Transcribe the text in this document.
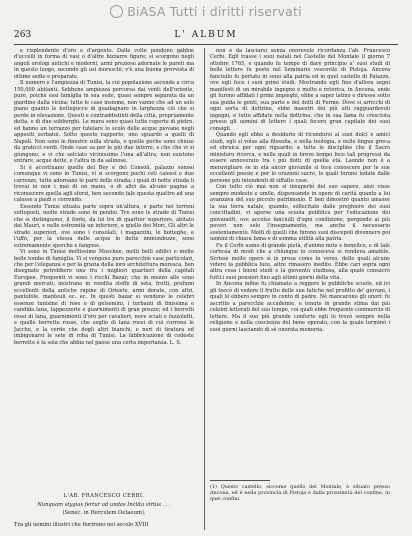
BiASA Tutti i diritti riservati
263	L' ALBUM

e risplendente d'oro e d'argento. Dalle volte pendono gabbie d'uccelli in forma di vasi o d'altre bizzarre figure; si scorgono negli angoli orologi antichi e moderni, armi preziose adornate le pareti ma in questo luogo, secondo gli usi moreschi, v'è una buona provvista di ottime sedie e preparate.

Il numero e l'ampiezza di Tunisi, la cui popolazione ascende a circa 150,000 abitanti. Sebbene ampiezza percorsa dai venti dell'oriente, pure, poichè essi famiglia in sua sede, quasi sempre separata da un giardino dalla vicina; tutte le case insieme, non vanno che ad un solo piano quanto le bottegucce di guadagnare in larghezza ciò che si perde in elevazione. Questi e contraddistinti della città, propriamente detta, e di due sobborghi. Le mura sono quasi tutte coperte di pietre, ed hanno un terrazzo per tutelare lo scolo delle acque piovane negli appositi serbatoi. Sotto questo rapporto, uno sguardo a quelli di Napoli. Non sono le finestre sulla strada, o quelle poche sono chiuse da graticci verdi. Onde case sa per le più due interni, e che che vi si giungono, e vi che selciato vicinissimo l'una all'altra, non esistono entrare, acque dette, e l'altra in da salinose.

Si è accettuano quello del Bey e dei Consoli, palazzo sonosi comunque vi sono in Tunisi, vi si scorgono pochi ceti calessi e due carrozze, tutte adornano le parti delle strada; i quali di notte strada li trovai in non i mai di un mano, o di altri da alcune pagine a riconoscere quella agli sforzi, ben secondo tale questa quattro ad una calesse a piedi e correndo.

Essendo Tunisi situata parte sopra un'altura, e parte nei terreni sottoposti, molte strade sono in pendio. Tre sono le strade di Tunisi che si distinguono, il fonte, da lui tre di quartier superiore, abitato dai Mauri, e nelle estremità un inferiore, e quello dei Mori. Gli altri le strade superiori, ove sono i consolati, i magazzini, le botteghe, e l'uffo, per la stessa delle acque in dette immondezze, sono estremamente sporche e fangose.

Vi sono in Tunisi moltissime Moschee, molti belli edifici e molte belle tombe di famiglia. Vi si vengono pure parecchie case particolari, che per l'eleganza e per la grazia della loro architettura moresca, ben disegnate potrebbero uno fra i migliori quartieri della capitali Europee. Frequenti vi sono i ricchi Bazar; che in mezzo alle sono grandi mercati, mostrano in vendita stoffe di seta, frutti, profumi eccellenti della antiche rapine di Oriente, armi dorate, con altri, pantofole, manteuli ec. ec. In questi bazar si vendono le celebri essenze tunisine di rose o di gelsomini, i turbanti di finissima e candida lana, tappezzerie e guarnimenti di gran prezzo; ed i berretti rossi di lana, guarnimenti d'oro per cavalieri, nove sciali e fazzoletti, e quelle berrette rosse, che soglio di lana rossi di cui corrono le Jacche, e la verde che dogli altri bianchi, e neri di tiratura ed imbigonarsi le sete di roba di Tunisi. La fabbricazione di codeste berrette è la sola che abbia nel paese una certa importanza. L. S.

L'AB. FRANCESCO CERBI.
Nunquam stygias fertur ad undas Inclita virtus . . .
(Senec. in Herculem Oetaeum).
Tra gli uomini illustri che fiorirono nel secolo XVIII

non è da lasciarsi senza onorevole ricordanza l'ab. Francesco Cerbi. Egli trasse i suoi natali nel Castello del Montale il giorno 7 ottobre 1765, e quando fu tempo di dare principio a' suoi studi di belle lettere fu posto nel Seminario vescovile di Pistoja. Ancora fanciullo fu portato in seno alla patria ed in quel castello di Palazzo, ove egli fece i suoi primi studi. Mostrando egli fino d'allora segni manifesti di un mirabile ingegno e molto e retorica, in Ancona, onde gli furono affidati i primi impieghi, ebbe a saper latino e diresse sotto sua guida le genti, sua parte e dei dotti di Fermo. Dove si arricchì di ogni sorta di dottrine, ebbe maestri dei più alti ragguardevoli ingegni, e tutto affidate nella dottrina, che in sua fama fu cresciuta presso gli uomini di lettere i quali fecero gran capitale dei suoi consigli.

Quando egli ebbe a desiderio di ricondursi ai suoi dolci e amici studi, egli si volse alla filosofia, e nella teologia, e nelle lingue greca ed ebraica per ogni riguardo; a tutte le discipline che il Sacro ministero ricerca, e nelle quali in breve tempo fece tali progressi da essere annoverato tra i più dotti di quella età. Laonde non è a meravigliare se in età ancor giovanile si fece conoscere per le sue eccellenti poesie e per le orazioni sacre, le quali furono lodate dalle persone più intendenti di siffatte cose.

Con tutto ciò mai non si insuperbì del suo sapere, anzi visse sempre modesto e umile, dispensando in opere di carità quanto a lui avanzava del suo piccolo patrimonio. E ben dimostrò quanto amasse la sua terra natale, quando, sollecitato dalle preghiere dei suoi concittadini, vi aperse una scuola pubblica per l'educazione dei giovanetti, ove accolse fanciulli d'ogni condizione, porgendo ai più poveri non solo l'insegnamento, ma anche il necessario sostentamento. Molti di quelli che furono suoi discepoli divennero poi uomini di chiara fama e di somma utilità alla patria.

Fu il Cerbi uomo di grande pietà, d'animo mite e benefico, e di tale cortesia di modi che a chiunque lo conosceva si rendeva amabile. Scrisse molte opere sì in prosa come in verso, delle quali alcune videro la pubblica luce, altre rimasero inedite. Ebbe cari sopra ogni altra cosa i buoni studi e la gioventù studiosa, alla quale consacrò tutti i suoi pensieri fino agli ultimi giorni della vita.

In Ancona infine fu chiamato a reggere le pubbliche scuole, ed ivi gli toccò di vedere il frutto delle sue fatiche nel profitto de' giovani, i quali lo ebbero sempre in conto di padre. Nè mancarono gli onori: fu ascritto a parecchie accademie, e tenuto in grande stima dai più celebri letterati del suo tempo, coi quali ebbe frequente commercio di lettere. Ma il suo più grande conforto egli lo trovò sempre nella religione e nella coscienza del bene operato, con la quale terminò i suoi giorni lasciando di sè onorata memoria.

(1) Questo castello, siccome quello del Montale, è situato presso Ancona, ed è nella provincia di Pistoja e dalla prossimità del confine, in quei confini.
